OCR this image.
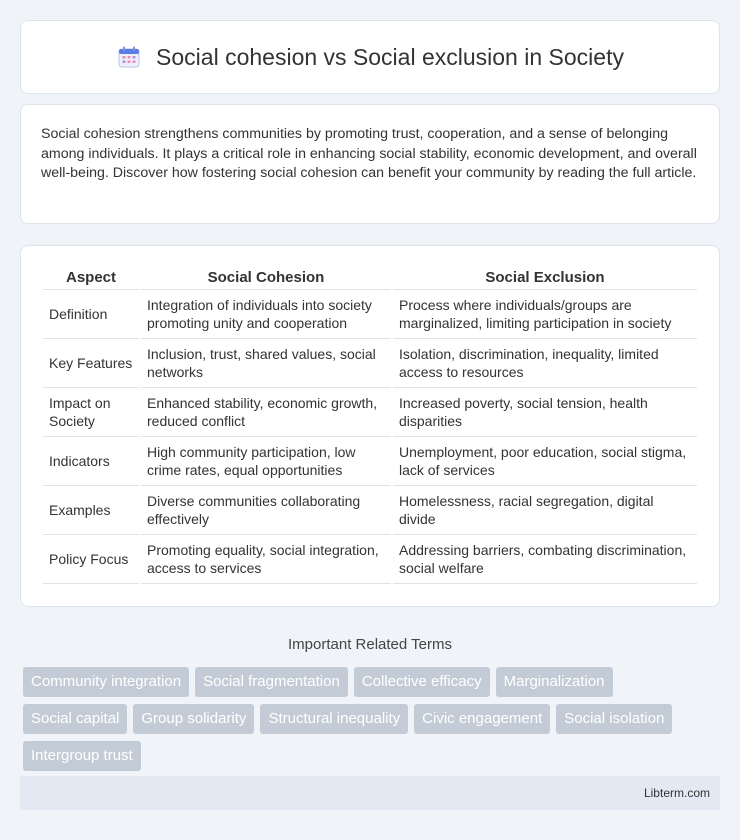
Social cohesion vs Social exclusion in Society

Social cohesion strengthens communities by promoting trust, cooperation, and a sense of belonging among individuals. It plays a critical role in enhancing social stability, economic development, and overall well-being. Discover how fostering social cohesion can benefit your community by reading the full article.

Aspect	Social Cohesion	Social Exclusion
Definition	Integration of individuals into society promoting unity and cooperation	Process where individuals/groups are marginalized, limiting participation in society
Key Features	Inclusion, trust, shared values, social networks	Isolation, discrimination, inequality, limited access to resources
Impact on Society	Enhanced stability, economic growth, reduced conflict	Increased poverty, social tension, health disparities
Indicators	High community participation, low crime rates, equal opportunities	Unemployment, poor education, social stigma, lack of services
Examples	Diverse communities collaborating effectively	Homelessness, racial segregation, digital divide
Policy Focus	Promoting equality, social integration, access to services	Addressing barriers, combating discrimination, social welfare
Important Related Terms
Community integration	Social fragmentation	Collective efficacy	Marginalization
Social capital	Group solidarity	Structural inequality	Civic engagement	Social isolation
Intergroup trust
Libterm.com
